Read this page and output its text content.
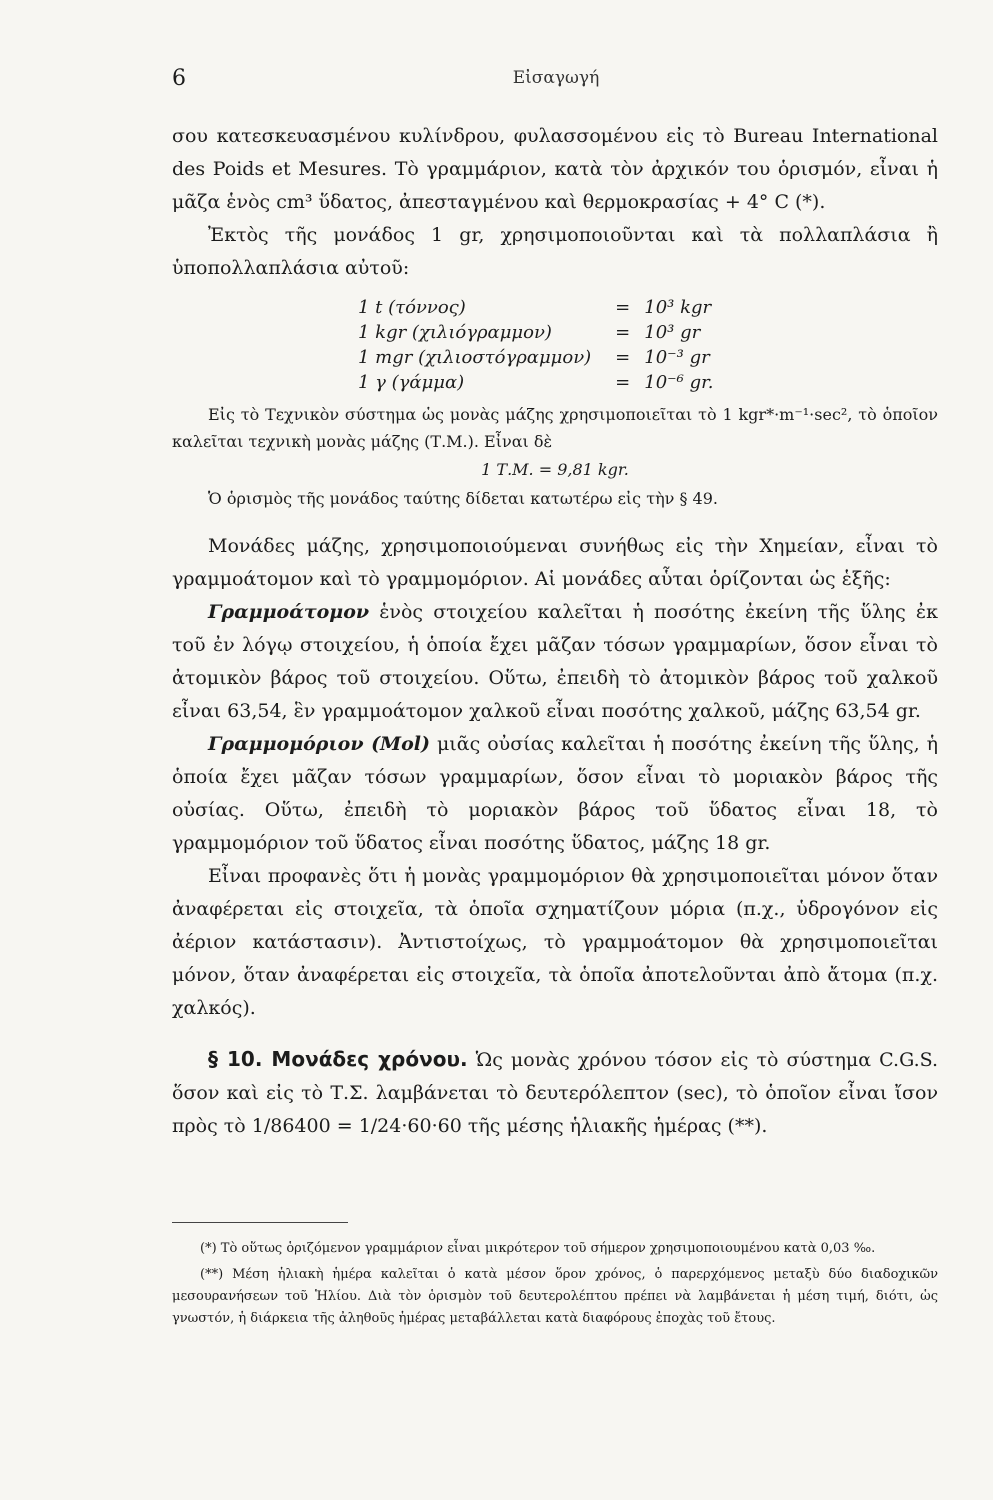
6	Εἰσαγωγή

σου κατεσκευασμένου κυλίνδρου, φυλασσομένου εἰς τὸ Bureau International des Poids et Mesures. Τὸ γραμμάριον, κατὰ τὸν ἀρχικόν του ὁρισμόν, εἶναι ἡ μᾶζα ἑνὸς cm³ ὕδατος, ἀπεσταγμένου καὶ θερμοκρασίας + 4° C (*).

Ἐκτὸς τῆς μονάδος 1 gr, χρησιμοποιοῦνται καὶ τὰ πολλαπλάσια ἢ ὑποπολλαπλάσια αὐτοῦ:

1 t (τόννος)	=	10³ kgr
1 kgr (χιλιόγραμμον)	=	10³ gr
1 mgr (χιλιοστόγραμμον)	=	10⁻³ gr
1 γ (γάμμα)	=	10⁻⁶ gr.

Εἰς τὸ Τεχνικὸν σύστημα ὡς μονὰς μάζης χρησιμοποιεῖται τὸ 1 kgr*·m⁻¹·sec², τὸ ὁποῖον καλεῖται τεχνικὴ μονὰς μάζης (Τ.Μ.). Εἶναι δὲ

1 Τ.Μ. = 9,81 kgr.

Ὁ ὁρισμὸς τῆς μονάδος ταύτης δίδεται κατωτέρω εἰς τὴν § 49.

Μονάδες μάζης, χρησιμοποιούμεναι συνήθως εἰς τὴν Χημείαν, εἶναι τὸ γραμμοάτομον καὶ τὸ γραμμομόριον. Αἱ μονάδες αὗται ὁρίζονται ὡς ἑξῆς:

Γραμμοάτομον ἑνὸς στοιχείου καλεῖται ἡ ποσότης ἐκείνη τῆς ὕλης ἐκ τοῦ ἐν λόγῳ στοιχείου, ἡ ὁποία ἔχει μᾶζαν τόσων γραμμαρίων, ὅσον εἶναι τὸ ἀτομικὸν βάρος τοῦ στοιχείου. Οὕτω, ἐπειδὴ τὸ ἀτομικὸν βάρος τοῦ χαλκοῦ εἶναι 63,54, ἓν γραμμοάτομον χαλκοῦ εἶναι ποσότης χαλκοῦ, μάζης 63,54 gr.

Γραμμομόριον (Mol) μιᾶς οὐσίας καλεῖται ἡ ποσότης ἐκείνη τῆς ὕλης, ἡ ὁποία ἔχει μᾶζαν τόσων γραμμαρίων, ὅσον εἶναι τὸ μοριακὸν βάρος τῆς οὐσίας. Οὕτω, ἐπειδὴ τὸ μοριακὸν βάρος τοῦ ὕδατος εἶναι 18, τὸ γραμμομόριον τοῦ ὕδατος εἶναι ποσότης ὕδατος, μάζης 18 gr.

Εἶναι προφανὲς ὅτι ἡ μονὰς γραμμομόριον θὰ χρησιμοποιεῖται μόνον ὅταν ἀναφέρεται εἰς στοιχεῖα, τὰ ὁποῖα σχηματίζουν μόρια (π.χ., ὑδρογόνον εἰς ἀέριον κατάστασιν). Ἀντιστοίχως, τὸ γραμμοάτομον θὰ χρησιμοποιεῖται μόνον, ὅταν ἀναφέρεται εἰς στοιχεῖα, τὰ ὁποῖα ἀποτελοῦνται ἀπὸ ἄτομα (π.χ. χαλκός).

§ 10. Μονάδες χρόνου. Ὡς μονὰς χρόνου τόσον εἰς τὸ σύστημα C.G.S. ὅσον καὶ εἰς τὸ Τ.Σ. λαμβάνεται τὸ δευτερόλεπτον (sec), τὸ ὁποῖον εἶναι ἴσον πρὸς τὸ 1/86400 = 1/24·60·60 τῆς μέσης ἡλιακῆς ἡμέρας (**).

(*) Τὸ οὕτως ὁριζόμενον γραμμάριον εἶναι μικρότερον τοῦ σήμερον χρησιμοποιουμένου κατὰ 0,03 ‰.

(**) Μέση ἡλιακὴ ἡμέρα καλεῖται ὁ κατὰ μέσον ὅρον χρόνος, ὁ παρερχόμενος μεταξὺ δύο διαδοχικῶν μεσουρανήσεων τοῦ Ἡλίου. Διὰ τὸν ὁρισμὸν τοῦ δευτερολέπτου πρέπει νὰ λαμβάνεται ἡ μέση τιμή, διότι, ὡς γνωστόν, ἡ διάρκεια τῆς ἀληθοῦς ἡμέρας μεταβάλλεται κατὰ διαφόρους ἐποχὰς τοῦ ἔτους.
